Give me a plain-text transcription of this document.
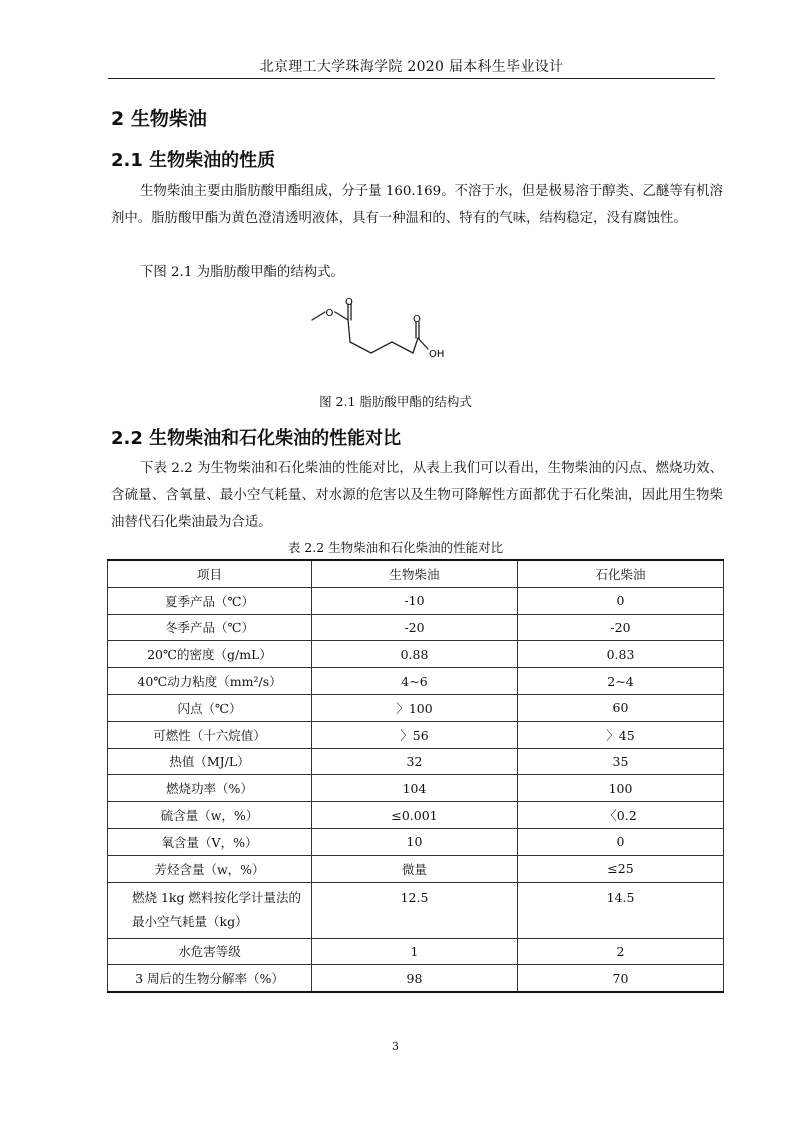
北京理工大学珠海学院 2020 届本科生毕业设计
2 生物柴油
2.1 生物柴油的性质
生物柴油主要由脂肪酸甲酯组成，分子量 160.169。不溶于水，但是极易溶于醇类、乙醚等有机溶剂中。脂肪酸甲酯为黄色澄清透明液体，具有一种温和的、特有的气味，结构稳定，没有腐蚀性。
下图 2.1 为脂肪酸甲酯的结构式。
O
O
O
OH
图 2.1 脂肪酸甲酯的结构式
2.2 生物柴油和石化柴油的性能对比
下表 2.2 为生物柴油和石化柴油的性能对比，从表上我们可以看出，生物柴油的闪点、燃烧功效、含硫量、含氧量、最小空气耗量、对水源的危害以及生物可降解性方面都优于石化柴油，因此用生物柴油替代石化柴油最为合适。
表 2.2 生物柴油和石化柴油的性能对比
项目	生物柴油	石化柴油
夏季产品（℃）	-10	0
冬季产品（℃）	-20	-20
20℃的密度（g/mL）	0.88	0.83
40℃动力粘度（mm²/s）	4~6	2~4
闪点（℃）	〉100	60
可燃性（十六烷值）	〉56	〉45
热值（MJ/L）	32	35
燃烧功率（%）	104	100
硫含量（w，%）	≤0.001	〈0.2
氧含量（V，%）	10	0
芳烃含量（w，%）	微量	≤25
燃烧 1kg 燃料按化学计量法的最小空气耗量（kg）	12.5	14.5
水危害等级	1	2
3 周后的生物分解率（%）	98	70
3
